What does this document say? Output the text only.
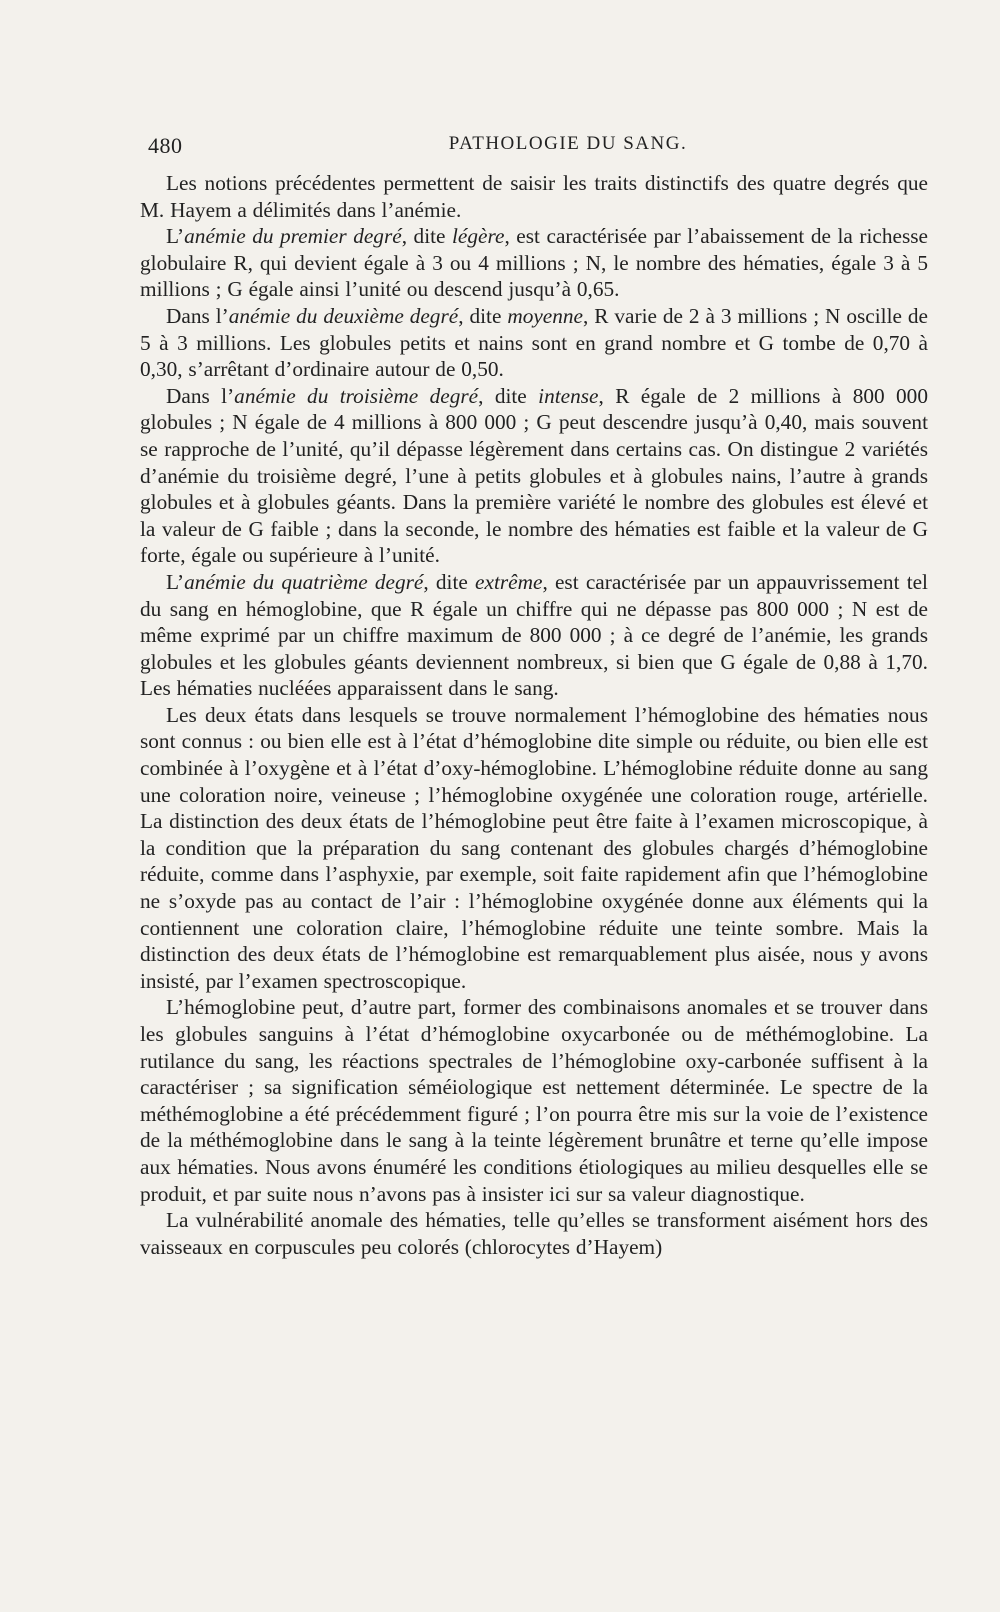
480	PATHOLOGIE DU SANG.

Les notions précédentes permettent de saisir les traits distinctifs des quatre degrés que M. Hayem a délimités dans l’anémie.

L’anémie du premier degré, dite légère, est caractérisée par l’abaissement de la richesse globulaire R, qui devient égale à 3 ou 4 millions ; N, le nombre des hématies, égale 3 à 5 millions ; G égale ainsi l’unité ou descend jusqu’à 0,65.

Dans l’anémie du deuxième degré, dite moyenne, R varie de 2 à 3 millions ; N oscille de 5 à 3 millions. Les globules petits et nains sont en grand nombre et G tombe de 0,70 à 0,30, s’arrêtant d’ordinaire autour de 0,50.

Dans l’anémie du troisième degré, dite intense, R égale de 2 millions à 800 000 globules ; N égale de 4 millions à 800 000 ; G peut descendre jusqu’à 0,40, mais souvent se rapproche de l’unité, qu’il dépasse légèrement dans certains cas. On distingue 2 variétés d’anémie du troisième degré, l’une à petits globules et à globules nains, l’autre à grands globules et à globules géants. Dans la première variété le nombre des globules est élevé et la valeur de G faible ; dans la seconde, le nombre des hématies est faible et la valeur de G forte, égale ou supérieure à l’unité.

L’anémie du quatrième degré, dite extrême, est caractérisée par un appauvrissement tel du sang en hémoglobine, que R égale un chiffre qui ne dépasse pas 800 000 ; N est de même exprimé par un chiffre maximum de 800 000 ; à ce degré de l’anémie, les grands globules et les globules géants deviennent nombreux, si bien que G égale de 0,88 à 1,70. Les hématies nucléées apparaissent dans le sang.

Les deux états dans lesquels se trouve normalement l’hémoglobine des hématies nous sont connus : ou bien elle est à l’état d’hémoglobine dite simple ou réduite, ou bien elle est combinée à l’oxygène et à l’état d’oxy-hémoglobine. L’hémoglobine réduite donne au sang une coloration noire, veineuse ; l’hémoglobine oxygénée une coloration rouge, artérielle. La distinction des deux états de l’hémoglobine peut être faite à l’examen microscopique, à la condition que la préparation du sang contenant des globules chargés d’hémoglobine réduite, comme dans l’asphyxie, par exemple, soit faite rapidement afin que l’hémoglobine ne s’oxyde pas au contact de l’air : l’hémoglobine oxygénée donne aux éléments qui la contiennent une coloration claire, l’hémoglobine réduite une teinte sombre. Mais la distinction des deux états de l’hémoglobine est remarquablement plus aisée, nous y avons insisté, par l’examen spectroscopique.

L’hémoglobine peut, d’autre part, former des combinaisons anomales et se trouver dans les globules sanguins à l’état d’hémoglobine oxycarbonée ou de méthémoglobine. La rutilance du sang, les réactions spectrales de l’hémoglobine oxy-carbonée suffisent à la caractériser ; sa signification séméiologique est nettement déterminée. Le spectre de la méthémoglobine a été précédemment figuré ; l’on pourra être mis sur la voie de l’existence de la méthémoglobine dans le sang à la teinte légèrement brunâtre et terne qu’elle impose aux hématies. Nous avons énuméré les conditions étiologiques au milieu desquelles elle se produit, et par suite nous n’avons pas à insister ici sur sa valeur diagnostique.

La vulnérabilité anomale des hématies, telle qu’elles se transforment aisément hors des vaisseaux en corpuscules peu colorés (chlorocytes d’Hayem)
